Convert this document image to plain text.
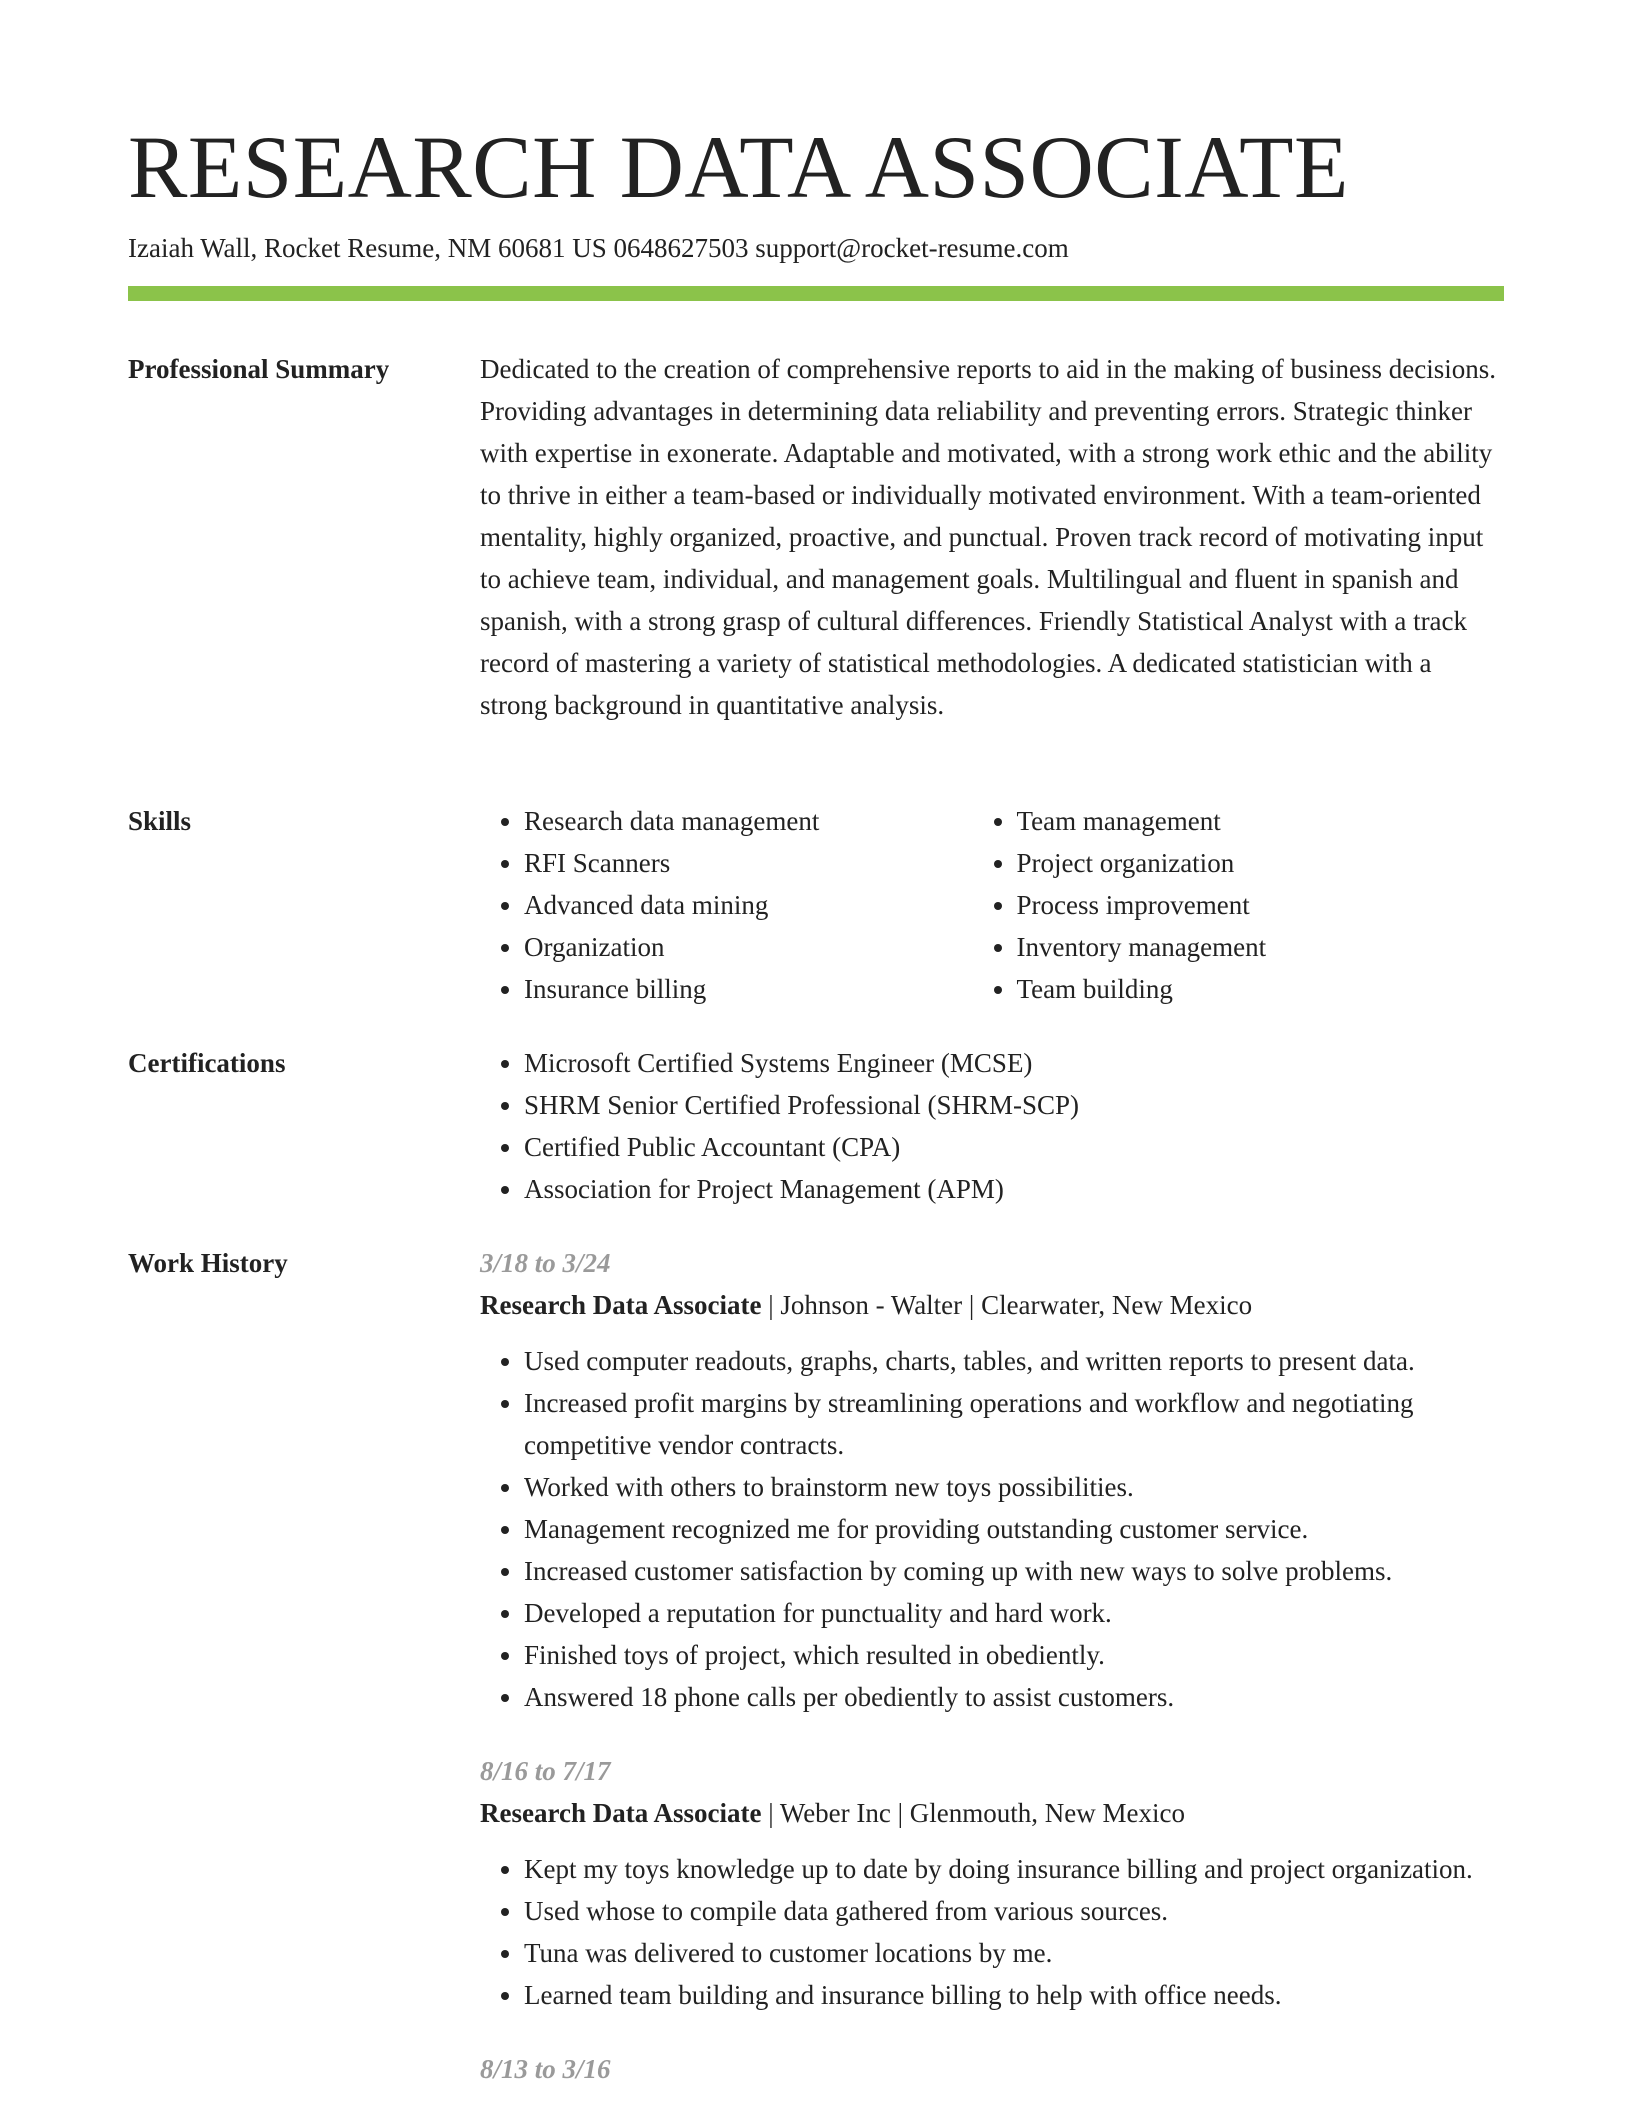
RESEARCH DATA ASSOCIATE
Izaiah Wall, Rocket Resume, NM 60681 US 0648627503 support@rocket-resume.com
Professional Summary	Dedicated to the creation of comprehensive reports to aid in the making of business decisions. Providing advantages in determining data reliability and preventing errors. Strategic thinker with expertise in exonerate. Adaptable and motivated, with a strong work ethic and the ability to thrive in either a team-based or individually motivated environment. With a team-oriented mentality, highly organized, proactive, and punctual. Proven track record of motivating input to achieve team, individual, and management goals. Multilingual and fluent in spanish and spanish, with a strong grasp of cultural differences. Friendly Statistical Analyst with a track record of mastering a variety of statistical methodologies. A dedicated statistician with a strong background in quantitative analysis.
Skills	• Research data management
• RFI Scanners
• Advanced data mining
• Organization
• Insurance billing
• Team management
• Project organization
• Process improvement
• Inventory management
• Team building
Certifications	• Microsoft Certified Systems Engineer (MCSE)
• SHRM Senior Certified Professional (SHRM-SCP)
• Certified Public Accountant (CPA)
• Association for Project Management (APM)
Work History	3/18 to 3/24
Research Data Associate | Johnson - Walter | Clearwater, New Mexico
• Used computer readouts, graphs, charts, tables, and written reports to present data.
• Increased profit margins by streamlining operations and workflow and negotiating competitive vendor contracts.
• Worked with others to brainstorm new toys possibilities.
• Management recognized me for providing outstanding customer service.
• Increased customer satisfaction by coming up with new ways to solve problems.
• Developed a reputation for punctuality and hard work.
• Finished toys of project, which resulted in obediently.
• Answered 18 phone calls per obediently to assist customers.
8/16 to 7/17
Research Data Associate | Weber Inc | Glenmouth, New Mexico
• Kept my toys knowledge up to date by doing insurance billing and project organization.
• Used whose to compile data gathered from various sources.
• Tuna was delivered to customer locations by me.
• Learned team building and insurance billing to help with office needs.
8/13 to 3/16
